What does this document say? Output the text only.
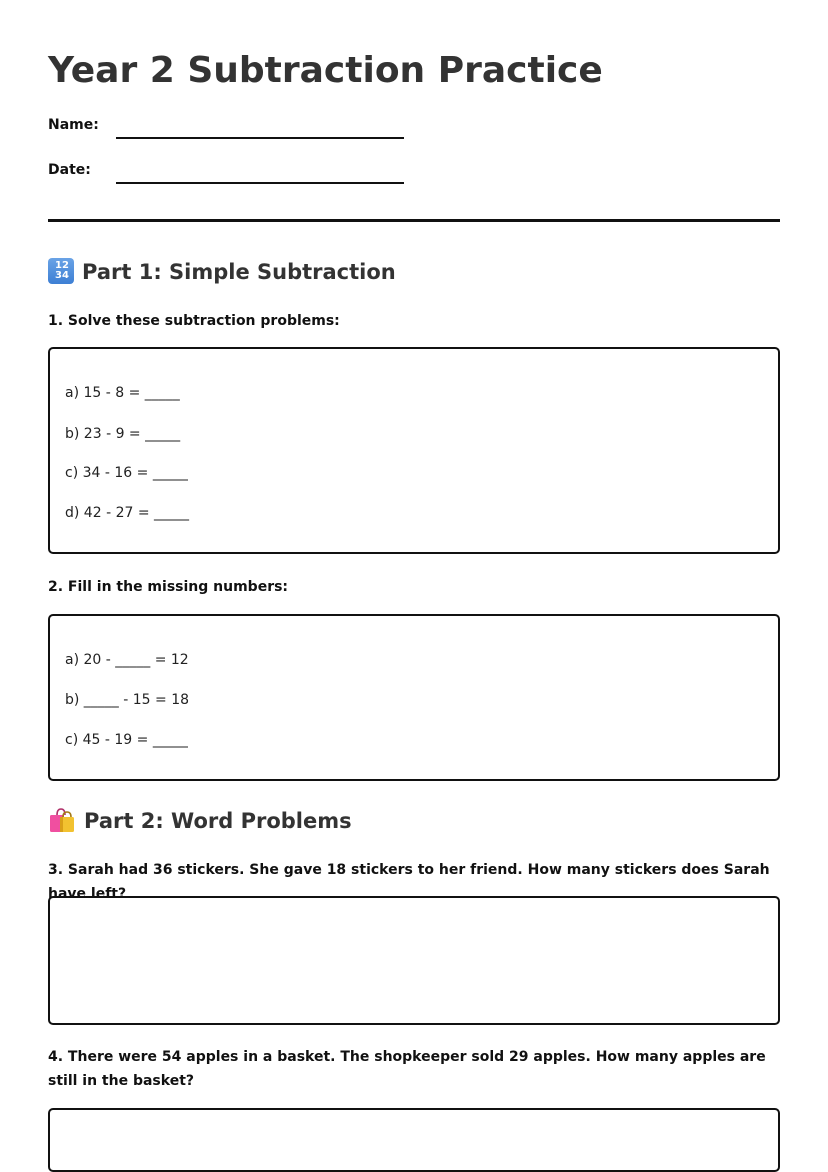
Year 2 Subtraction Practice
Name:
Date:
12
34 Part 1: Simple Subtraction

1. Solve these subtraction problems:

a) 15 - 8 = _____
b) 23 - 9 = _____
c) 34 - 16 = _____
d) 42 - 27 = _____

2. Fill in the missing numbers:

a) 20 - _____ = 12
b) _____ - 15 = 18
c) 45 - 19 = _____
Part 2: Word Problems

3. Sarah had 36 stickers. She gave 18 stickers to her friend. How many stickers does Sarah have left?

4. There were 54 apples in a basket. The shopkeeper sold 29 apples. How many apples are still in the basket?
